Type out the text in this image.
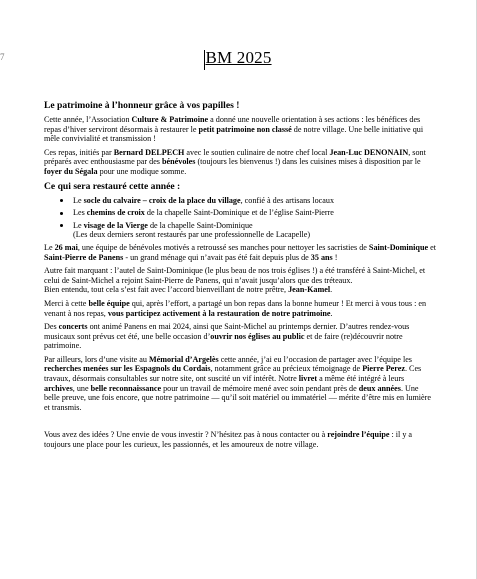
7	BM 2025

Le patrimoine à l’honneur grâce à vos papilles !

Cette année, l’Association Culture & Patrimoine a donné une nouvelle orientation à ses actions : les bénéfices des repas d’hiver serviront désormais à restaurer le petit patrimoine non classé de notre village. Une belle initiative qui mêle convivialité et transmission !

Ces repas, initiés par Bernard DELPECH avec le soutien culinaire de notre chef local Jean-Luc DENONAIN, sont préparés avec enthousiasme par des bénévoles (toujours les bienvenus !) dans les cuisines mises à disposition par le foyer du Ségala pour une modique somme.

Ce qui sera restauré cette année :

Le socle du calvaire – croix de la place du village, confié à des artisans locaux
Les chemins de croix de la chapelle Saint-Dominique et de l’église Saint-Pierre
Le visage de la Vierge de la chapelle Saint-Dominique
(Les deux derniers seront restaurés par une professionnelle de Lacapelle)

Le 26 mai, une équipe de bénévoles motivés a retroussé ses manches pour nettoyer les sacristies de Saint-Dominique et Saint-Pierre de Panens - un grand ménage qui n’avait pas été fait depuis plus de 35 ans !

Autre fait marquant : l’autel de Saint-Dominique (le plus beau de nos trois églises !) a été transféré à Saint-Michel, et celui de Saint-Michel a rejoint Saint-Pierre de Panens, qui n’avait jusqu’alors que des tréteaux.
Bien entendu, tout cela s’est fait avec l’accord bienveillant de notre prêtre, Jean-Kamel.

Merci à cette belle équipe qui, après l’effort, a partagé un bon repas dans la bonne humeur ! Et merci à vous tous : en venant à nos repas, vous participez activement à la restauration de notre patrimoine.

Des concerts ont animé Panens en mai 2024, ainsi que Saint-Michel au printemps dernier. D’autres rendez-vous musicaux sont prévus cet été, une belle occasion d’ouvrir nos églises au public et de faire (re)découvrir notre patrimoine.

Par ailleurs, lors d’une visite au Mémorial d’Argelès cette année, j’ai eu l’occasion de partager avec l’équipe les recherches menées sur les Espagnols du Cordais, notamment grâce au précieux témoignage de Pierre Perez. Ces travaux, désormais consultables sur notre site, ont suscité un vif intérêt. Notre livret a même été intégré à leurs archives, une belle reconnaissance pour un travail de mémoire mené avec soin pendant près de deux années. Une belle preuve, une fois encore, que notre patrimoine — qu’il soit matériel ou immatériel — mérite d’être mis en lumière et transmis.

Vous avez des idées ? Une envie de vous investir ? N’hésitez pas à nous contacter ou à rejoindre l’équipe : il y a toujours une place pour les curieux, les passionnés, et les amoureux de notre village.
